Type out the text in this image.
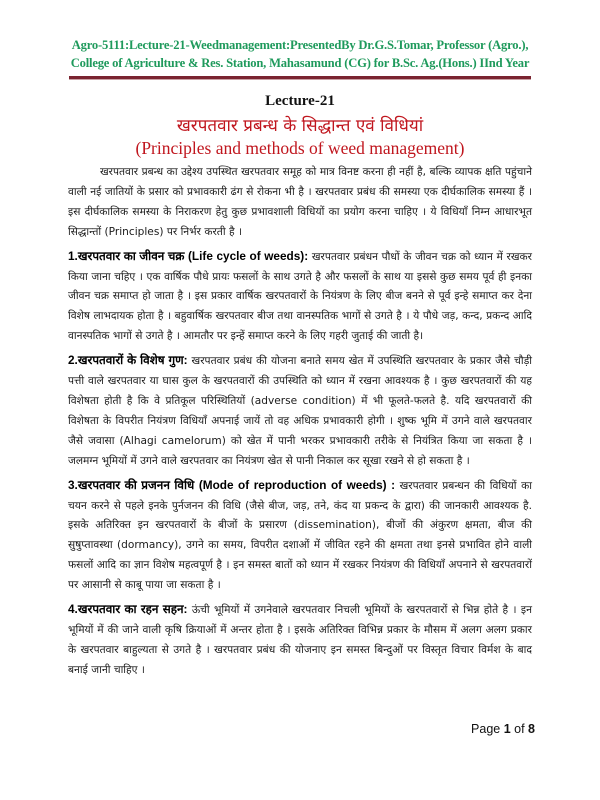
Agro-5111:Lecture-21-Weedmanagement:PresentedBy Dr.G.S.Tomar, Professor (Agro.),
College of Agriculture & Res. Station, Mahasamund (CG) for B.Sc. Ag.(Hons.) IInd Year
Lecture-21
खरपतवार प्रबन्ध के सिद्धान्त एवं विधियां
(Principles and methods of weed management)

खरपतवार प्रबन्ध का उद्देश्य उपस्थित खरपतवार समूह को मात्र विनष्ट करना ही नहीं है, बल्कि व्यापक क्षति पहुंचाने वाली नई जातियों के प्रसार को प्रभावकारी ढंग से रोकना भी है । खरपतवार प्रबंध की समस्या एक दीर्घकालिक समस्या हैं । इस दीर्घकालिक समस्या के निराकरण हेतु कुछ प्रभावशाली विधियों का प्रयोग करना चाहिए । ये विधियाँ निम्न आधारभूत सिद्धान्तों (Principles) पर निर्भर करती है ।

1.खरपतवार का जीवन चक्र (Life cycle of weeds): खरपतवार प्रबंधन पौधों के जीवन चक्र को ध्यान में रखकर किया जाना चहिए । एक वार्षिक पौधे प्रायः फसलों के साथ उगते है और फसलों के साथ या इससे कुछ समय पूर्व ही इनका जीवन चक्र समाप्त हो जाता है । इस प्रकार वार्षिक खरपतवारों के नियंत्रण के लिए बीज बनने से पूर्व इन्हे समाप्त कर देना विशेष लाभदायक होता है । बहुवार्षिक खरपतवार बीज तथा वानस्पतिक भागों से उगते है । ये पौधे जड़, कन्द, प्रकन्द आदि वानस्पतिक भागों से उगते है । आमतौर पर इन्हें समाप्त करने के लिए गहरी जुताई की जाती है।

2.खरपतवारों के विशेष गुण: खरपतवार प्रबंध की योजना बनाते समय खेत में उपस्थिति खरपतवार के प्रकार जैसे चौड़ी पत्ती वाले खरपतवार या घास कुल के खरपतवारों की उपस्थिति को ध्यान में रखना आवश्यक है । कुछ खरपतवारों की यह विशेषता होती है कि वे प्रतिकूल परिस्थितियों (adverse condition) में भी फूलते-फलते है. यदि खरपतवारों की विशेषता के विपरीत नियंत्रण विधियाँ अपनाई जायें तो वह अधिक प्रभावकारी होगी । शुष्क भूमि में उगने वाले खरपतवार जैसे जवासा (Alhagi camelorum) को खेत में पानी भरकर प्रभावकारी तरीके से नियंत्रित किया जा सकता है । जलमग्न भूमियों में उगने वाले खरपतवार का नियंत्रण खेत से पानी निकाल कर सूखा रखने से हो सकता है ।

3.खरपतवार की प्रजनन विधि (Mode of reproduction of weeds) : खरपतवार प्रबन्धन की विधियों का चयन करने से पहले इनके पुर्नजनन की विधि (जैसे बीज, जड़, तने, कंद या प्रकन्द के द्वारा) की जानकारी आवश्यक है. इसके अतिरिक्त इन खरपतवारों के बीजों के प्रसारण (dissemination), बीजों की अंकुरण क्षमता, बीज की सुषुप्तावस्था (dormancy), उगने का समय, विपरीत दशाओं में जीवित रहने की क्षमता तथा इनसे प्रभावित होने वाली फसलों आदि का ज्ञान विशेष महत्वपूर्ण है । इन समस्त बातों को ध्यान में रखकर नियंत्रण की विधियाँ अपनाने से खरपतवारों पर आसानी से काबू पाया जा सकता है ।

4.खरपतवार का रहन सहन: ऊंची भूमियों में उगनेवाले खरपतवार निचली भूमियों के खरपतवारों से भिन्न होते है । इन भूमियों में की जाने वाली कृषि क्रियाओं में अन्तर होता है । इसके अतिरिक्त विभिन्न प्रकार के मौसम में अलग अलग प्रकार के खरपतवार बाहुल्यता से उगते है । खरपतवार प्रबंध की योजनाए इन समस्त बिन्दुओं पर विस्तृत विचार विर्मश के बाद बनाई जानी चाहिए ।

Page 1 of 8
